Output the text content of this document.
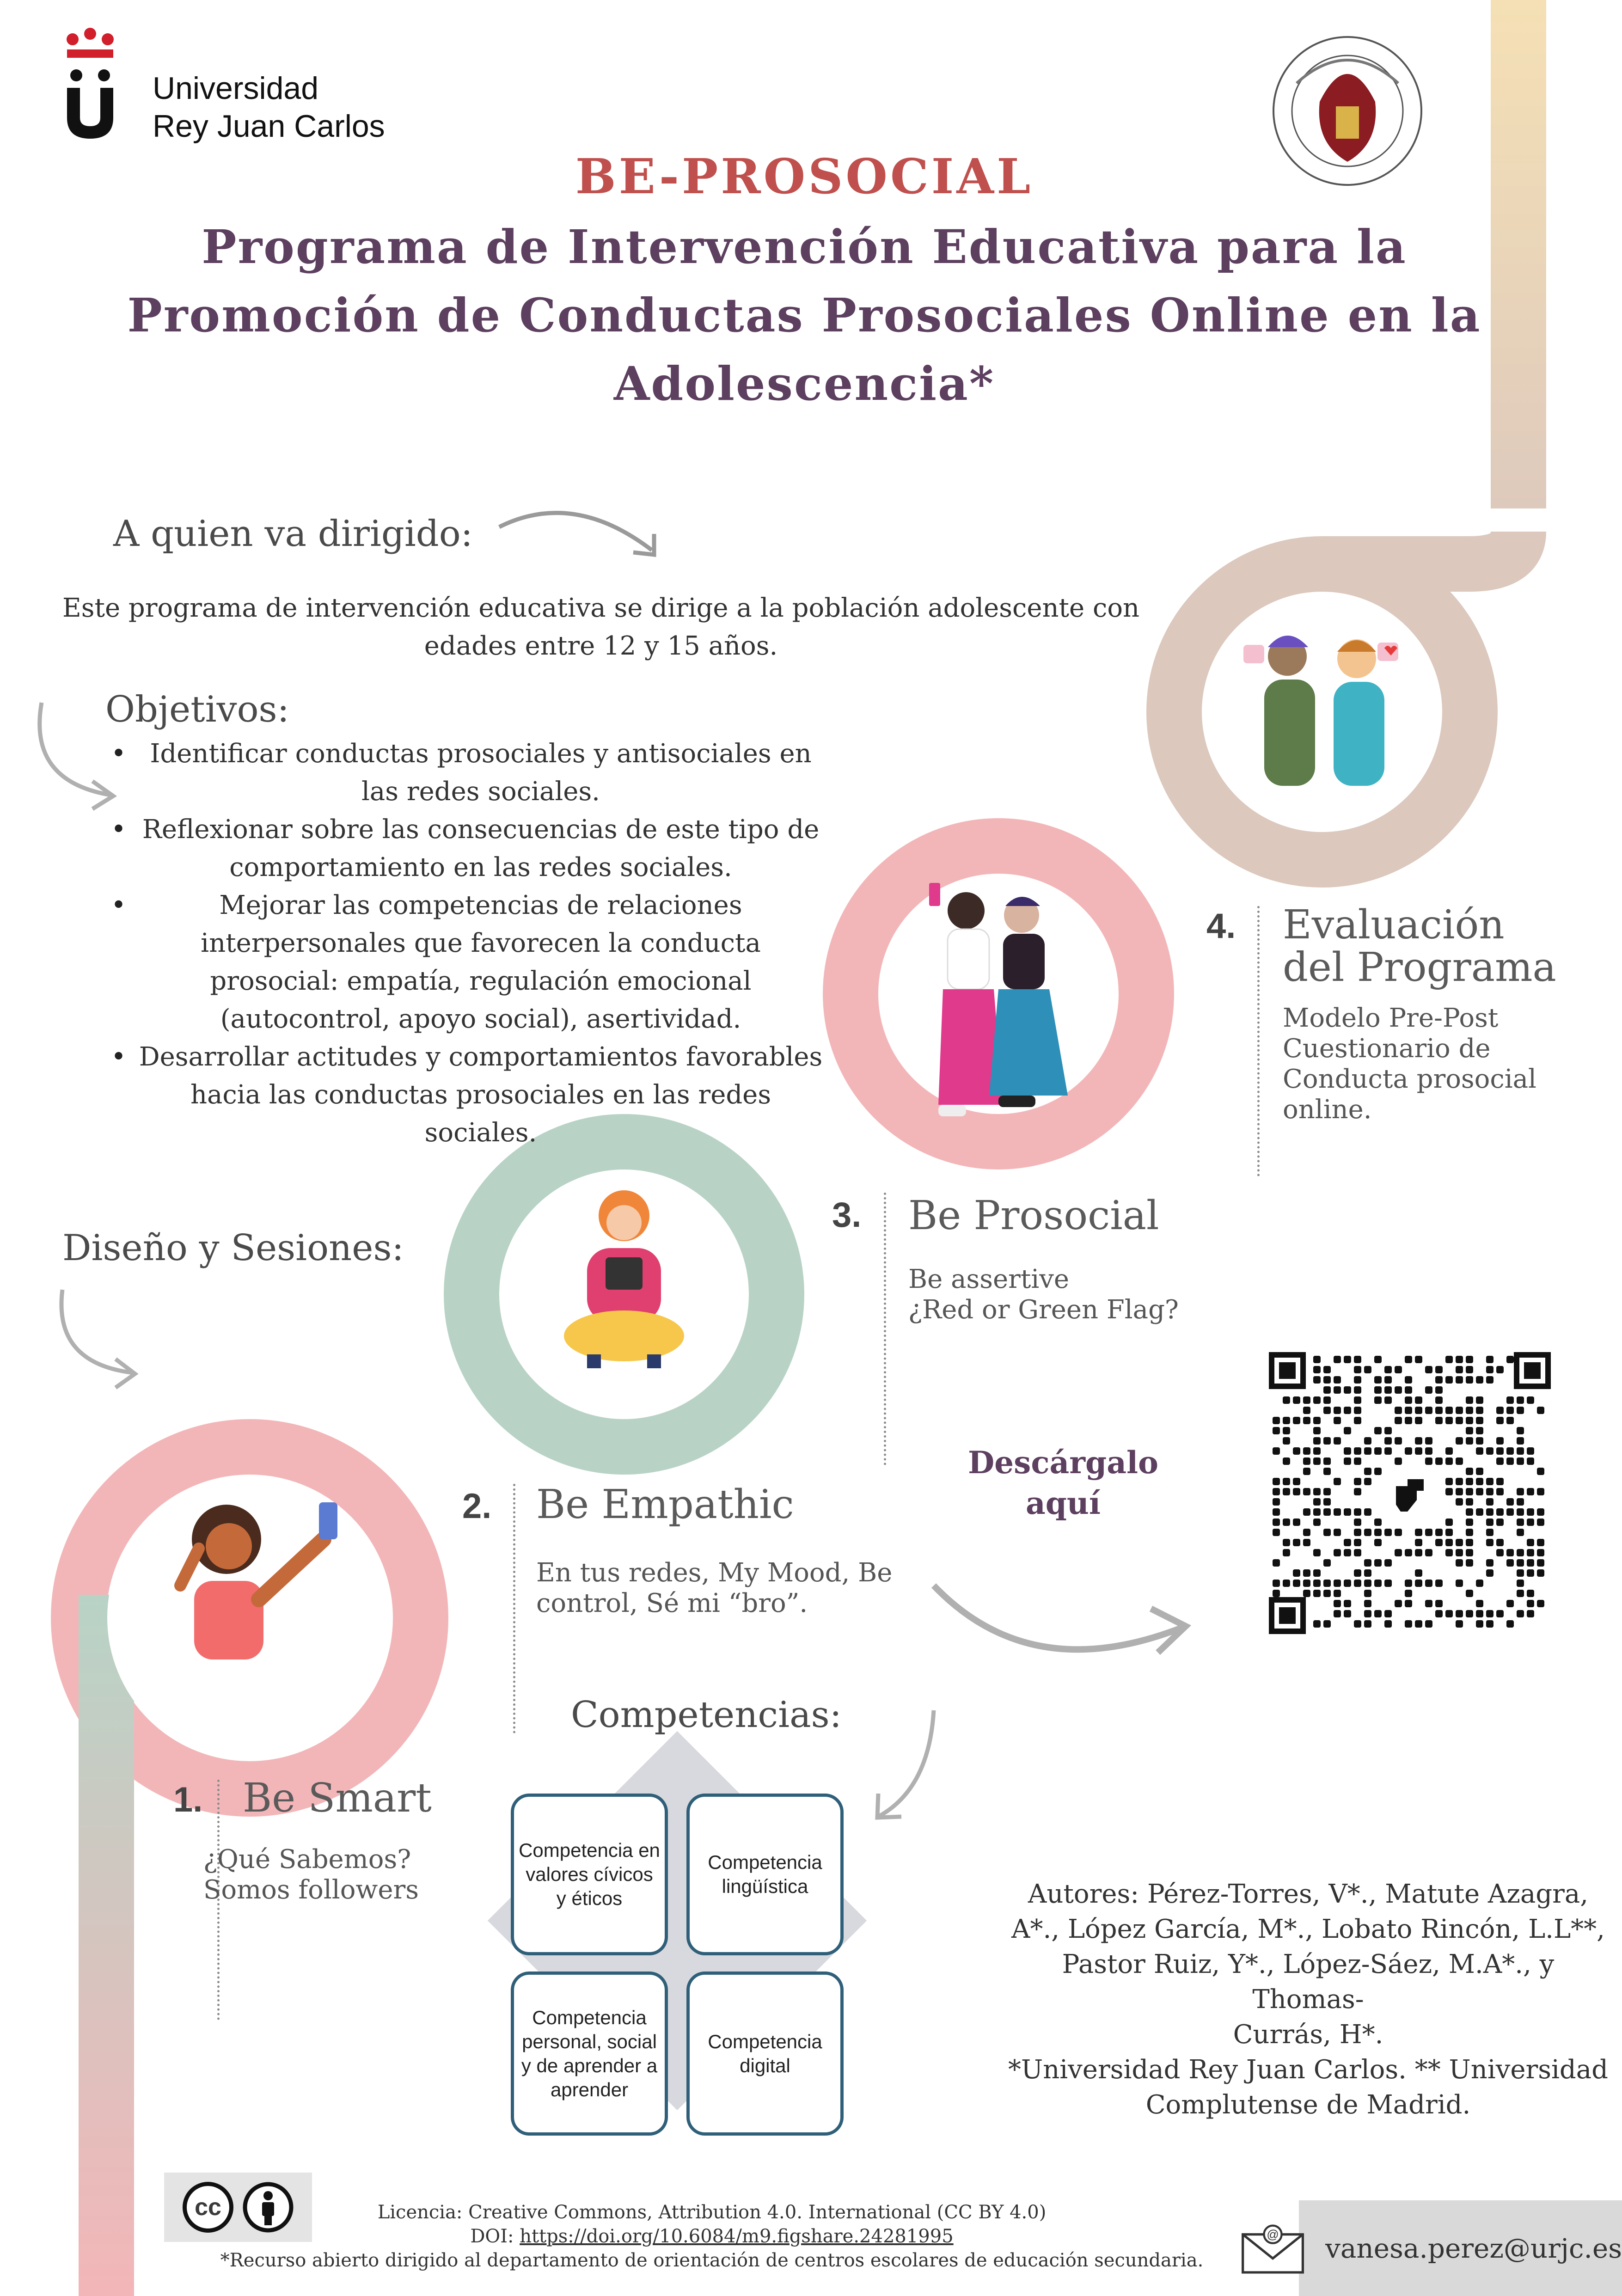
Universidad
Rey Juan Carlos
BE-PROSOCIAL
Programa de Intervención Educativa para la
Promoción de Conductas Prosociales Online en la
Adolescencia*
A quien va dirigido:
Este programa de intervención educativa se dirige a la población adolescente con
edades entre 12 y 15 años.
Objetivos:
• Identificar conductas prosociales y antisociales en las redes sociales.
• Reflexionar sobre las consecuencias de este tipo de comportamiento en las redes sociales.
• Mejorar las competencias de relaciones interpersonales que favorecen la conducta prosocial: empatía, regulación emocional (autocontrol, apoyo social), asertividad.
• Desarrollar actitudes y comportamientos favorables hacia las conductas prosociales en las redes sociales.
Diseño y Sesiones:
1. Be Smart
¿Qué Sabemos?
Somos followers
2. Be Empathic
En tus redes, My Mood, Be
control, Sé mi “bro”.
3. Be Prosocial
Be assertive
¿Red or Green Flag?
4. Evaluación
del Programa
Modelo Pre-Post
Cuestionario de
Conducta prosocial
online.
Descárgalo
aquí
Competencias:
Competencia en valores cívicos y éticos
Competencia lingüística
Competencia personal, social y de aprender a aprender
Competencia digital
Autores: Pérez-Torres, V*., Matute Azagra,
A*., López García, M*., Lobato Rincón, L.L**,
Pastor Ruiz, Y*., López-Sáez, M.A*., y Thomas-
Currás, H*.
*Universidad Rey Juan Carlos. ** Universidad
Complutense de Madrid.
cc	Licencia: Creative Commons, Attribution 4.0. International (CC BY 4.0)
DOI: https://doi.org/10.6084/m9.figshare.24281995
*Recurso abierto dirigido al departamento de orientación de centros escolares de educación secundaria.
@ vanesa.perez@urjc.es
